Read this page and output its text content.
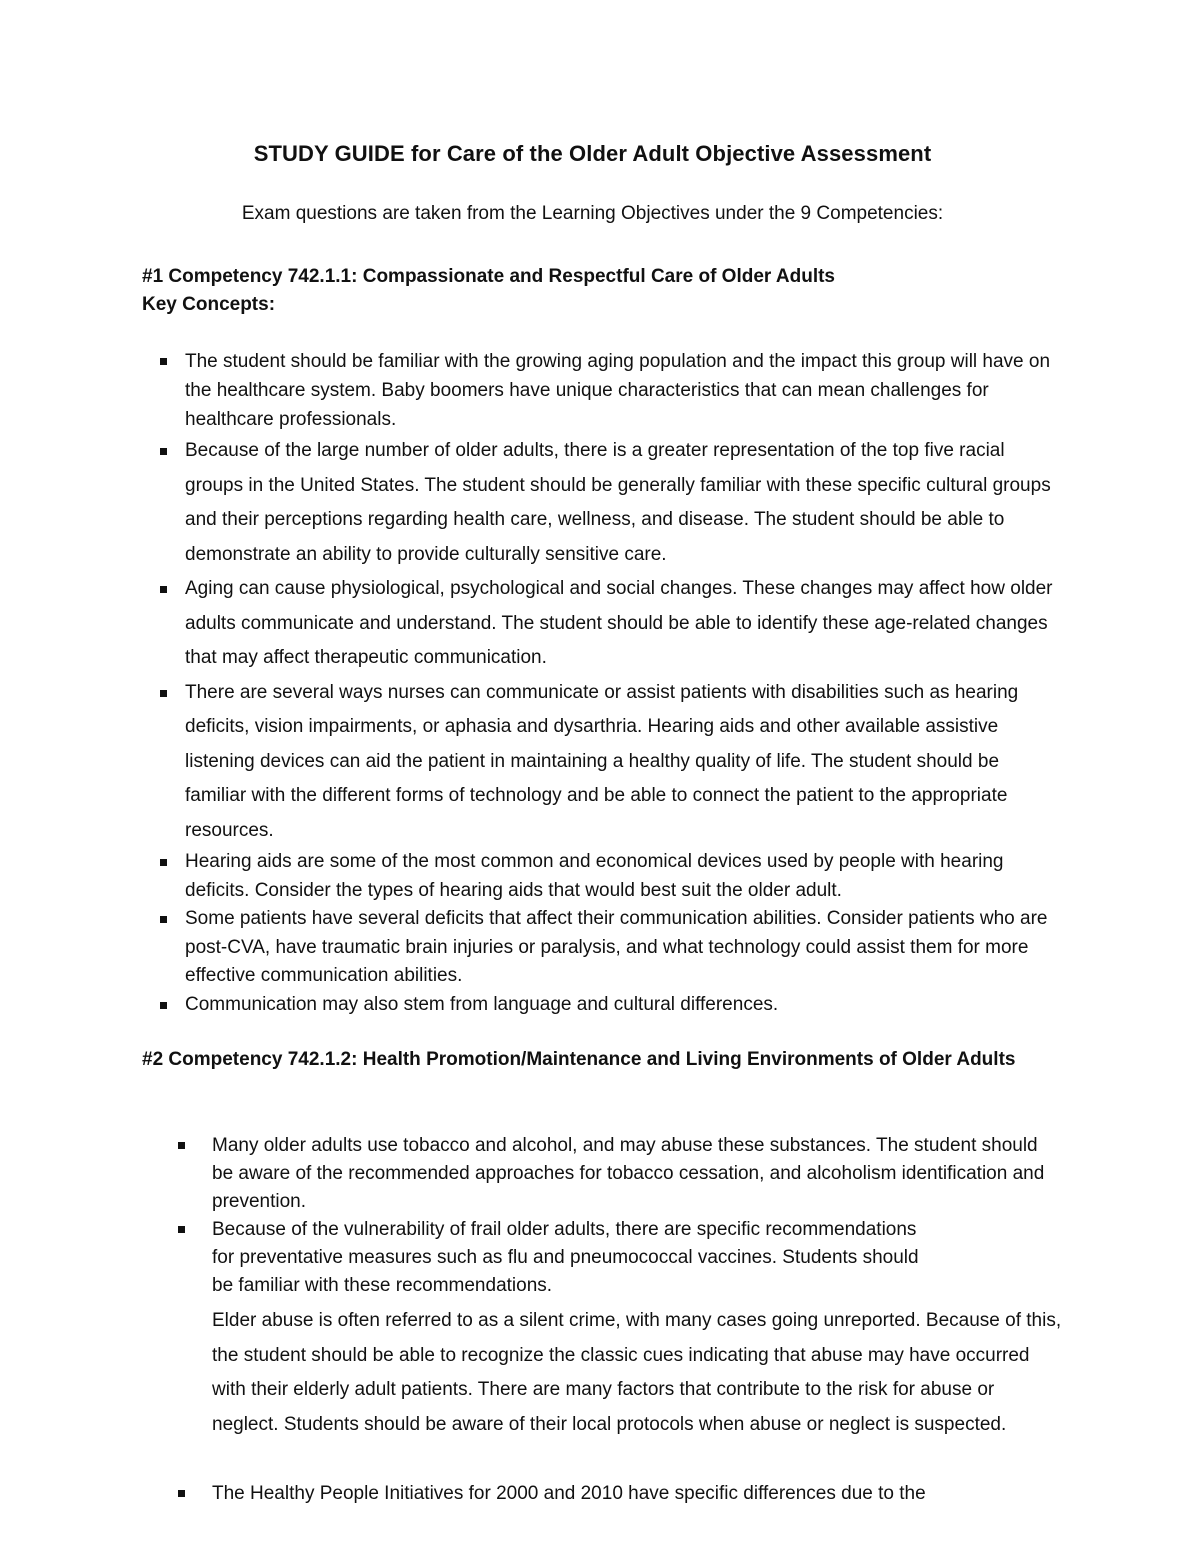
STUDY GUIDE for Care of the Older Adult Objective Assessment

Exam questions are taken from the Learning Objectives under the 9 Competencies:

#1 Competency 742.1.1: Compassionate and Respectful Care of Older Adults

Key Concepts:

The student should be familiar with the growing aging population and the impact this group will have on the healthcare system. Baby boomers have unique characteristics that can mean challenges for healthcare professionals.
Because of the large number of older adults, there is a greater representation of the top five racial groups in the United States. The student should be generally familiar with these specific cultural groups and their perceptions regarding health care, wellness, and disease. The student should be able to demonstrate an ability to provide culturally sensitive care.
Aging can cause physiological, psychological and social changes. These changes may affect how older adults communicate and understand. The student should be able to identify these age-related changes that may affect therapeutic communication.
There are several ways nurses can communicate or assist patients with disabilities such as hearing deficits, vision impairments, or aphasia and dysarthria. Hearing aids and other available assistive listening devices can aid the patient in maintaining a healthy quality of life. The student should be familiar with the different forms of technology and be able to connect the patient to the appropriate resources.
Hearing aids are some of the most common and economical devices used by people with hearing deficits. Consider the types of hearing aids that would best suit the older adult.
Some patients have several deficits that affect their communication abilities. Consider patients who are post-CVA, have traumatic brain injuries or paralysis, and what technology could assist them for more effective communication abilities.
Communication may also stem from language and cultural differences.
#2 Competency 742.1.2: Health Promotion/Maintenance and Living Environments of Older Adults
Many older adults use tobacco and alcohol, and may abuse these substances. The student should be aware of the recommended approaches for tobacco cessation, and alcoholism identification and prevention.
Because of the vulnerability of frail older adults, there are specific recommendations for preventative measures such as flu and pneumococcal vaccines. Students should be familiar with these recommendations.

Elder abuse is often referred to as a silent crime, with many cases going unreported. Because of this, the student should be able to recognize the classic cues indicating that abuse may have occurred with their elderly adult patients. There are many factors that contribute to the risk for abuse or neglect. Students should be aware of their local protocols when abuse or neglect is suspected.

The Healthy People Initiatives for 2000 and 2010 have specific differences due to the
